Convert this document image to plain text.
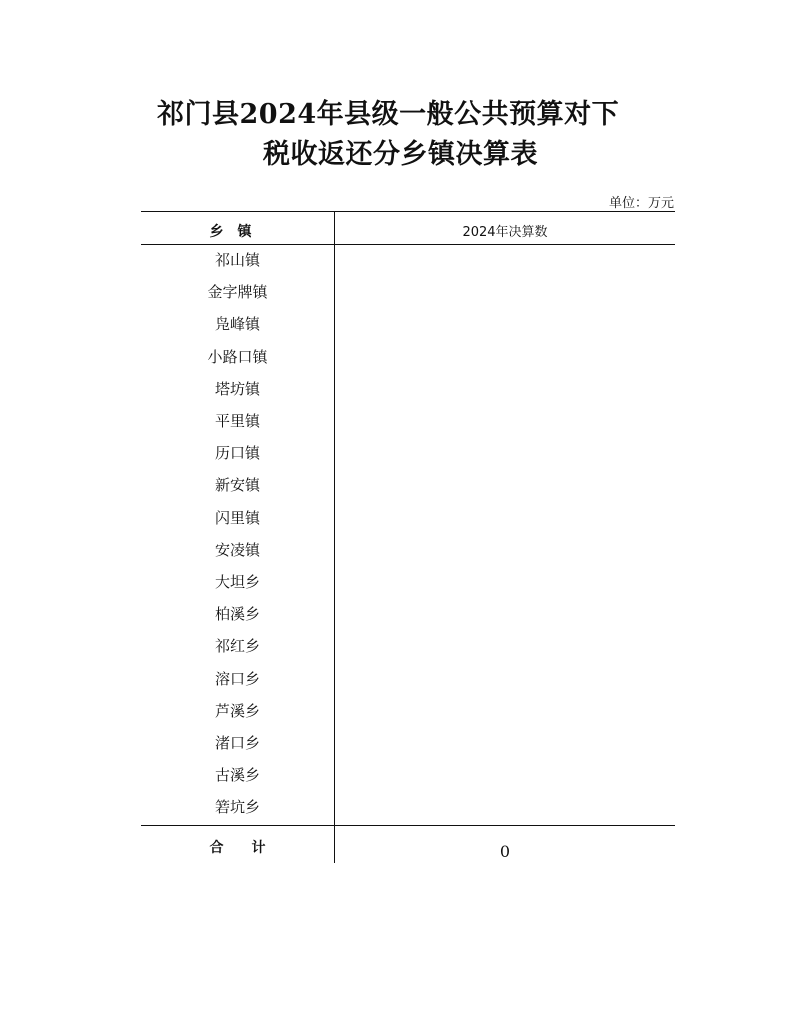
祁门县2024年县级一般公共预算对下
税收返还分乡镇决算表
单位：万元
乡镇	2024年决算数
祁山镇
金字牌镇
凫峰镇
小路口镇
塔坊镇
平里镇
历口镇
新安镇
闪里镇
安凌镇
大坦乡
柏溪乡
祁红乡
溶口乡
芦溪乡
渚口乡
古溪乡
箬坑乡
合计	0
